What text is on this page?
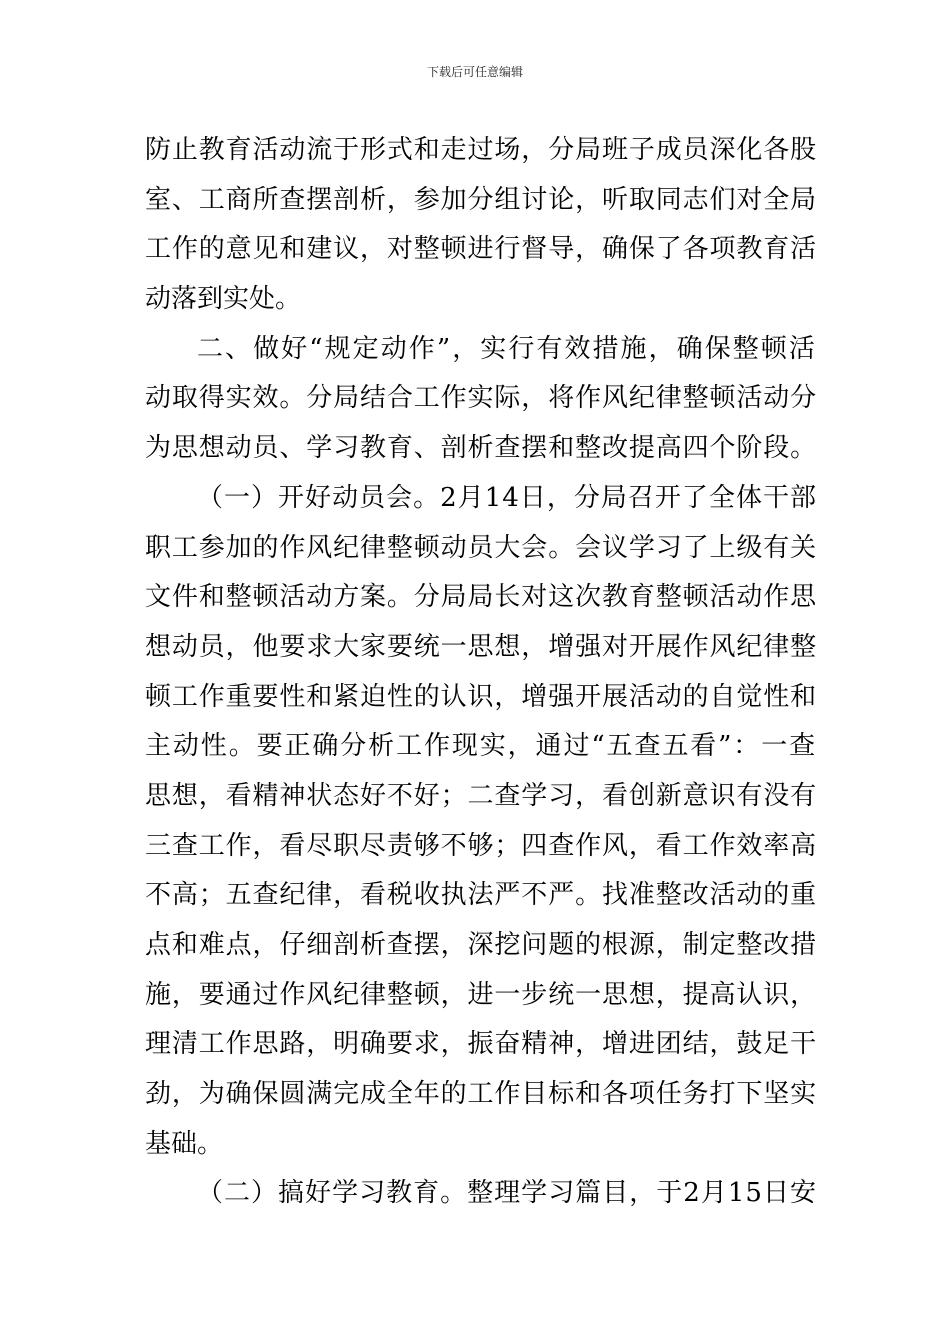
下载后可任意编辑
防止教育活动流于形式和走过场，分局班子成员深化各股
室、工商所查摆剖析，参加分组讨论，听取同志们对全局
工作的意见和建议，对整顿进行督导，确保了各项教育活
动落到实处。
二、做好“规定动作”，实行有效措施，确保整顿活
动取得实效。分局结合工作实际，将作风纪律整顿活动分
为思想动员、学习教育、剖析查摆和整改提高四个阶段。
（一）开好动员会。2月14日，分局召开了全体干部
职工参加的作风纪律整顿动员大会。会议学习了上级有关
文件和整顿活动方案。分局局长对这次教育整顿活动作思
想动员，他要求大家要统一思想，增强对开展作风纪律整
顿工作重要性和紧迫性的认识，增强开展活动的自觉性和
主动性。要正确分析工作现实，通过“五查五看”：一查
思想，看精神状态好不好；二查学习，看创新意识有没有
三查工作，看尽职尽责够不够；四查作风，看工作效率高
不高；五查纪律，看税收执法严不严。找准整改活动的重
点和难点，仔细剖析查摆，深挖问题的根源，制定整改措
施，要通过作风纪律整顿，进一步统一思想，提高认识，
理清工作思路，明确要求，振奋精神，增进团结，鼓足干
劲，为确保圆满完成全年的工作目标和各项任务打下坚实
基础。
（二）搞好学习教育。整理学习篇目，于2月15日安
